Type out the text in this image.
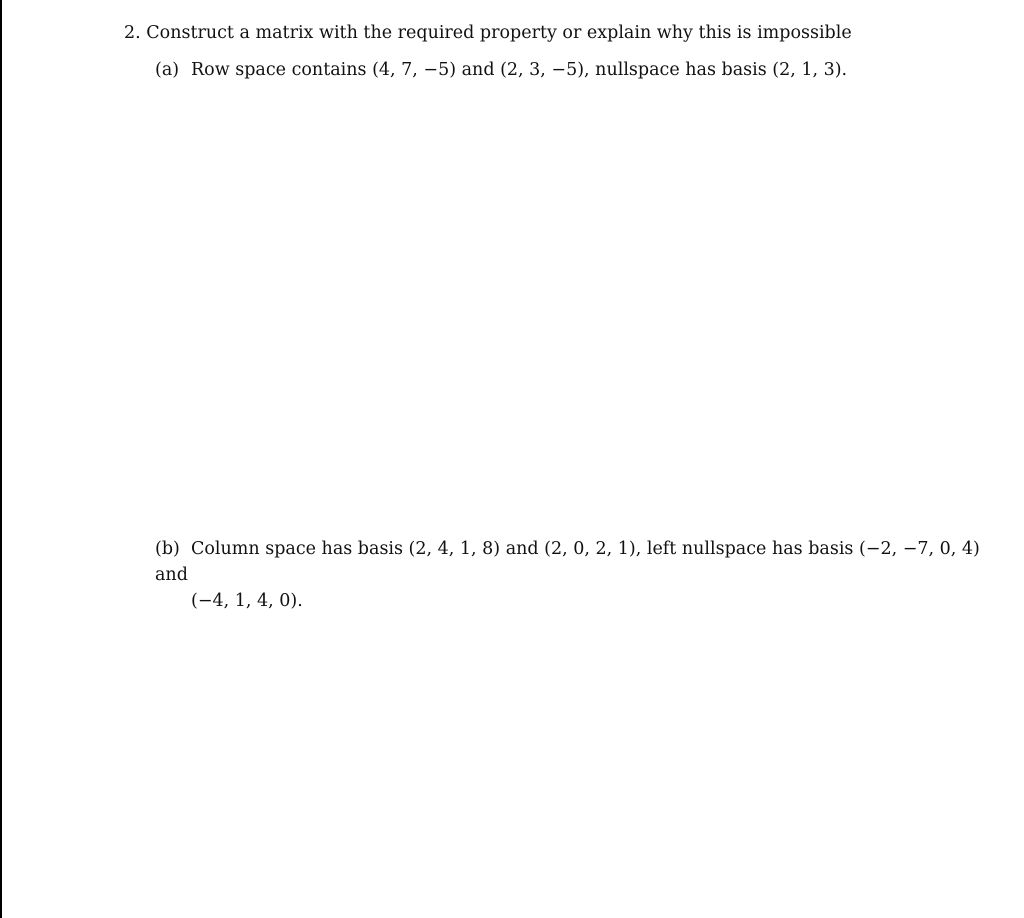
2. Construct a matrix with the required property or explain why this is impossible
(a) Row space contains (4, 7, −5) and (2, 3, −5), nullspace has basis (2, 1, 3).
(b) Column space has basis (2, 4, 1, 8) and (2, 0, 2, 1), left nullspace has basis (−2, −7, 0, 4) and
(−4, 1, 4, 0).
